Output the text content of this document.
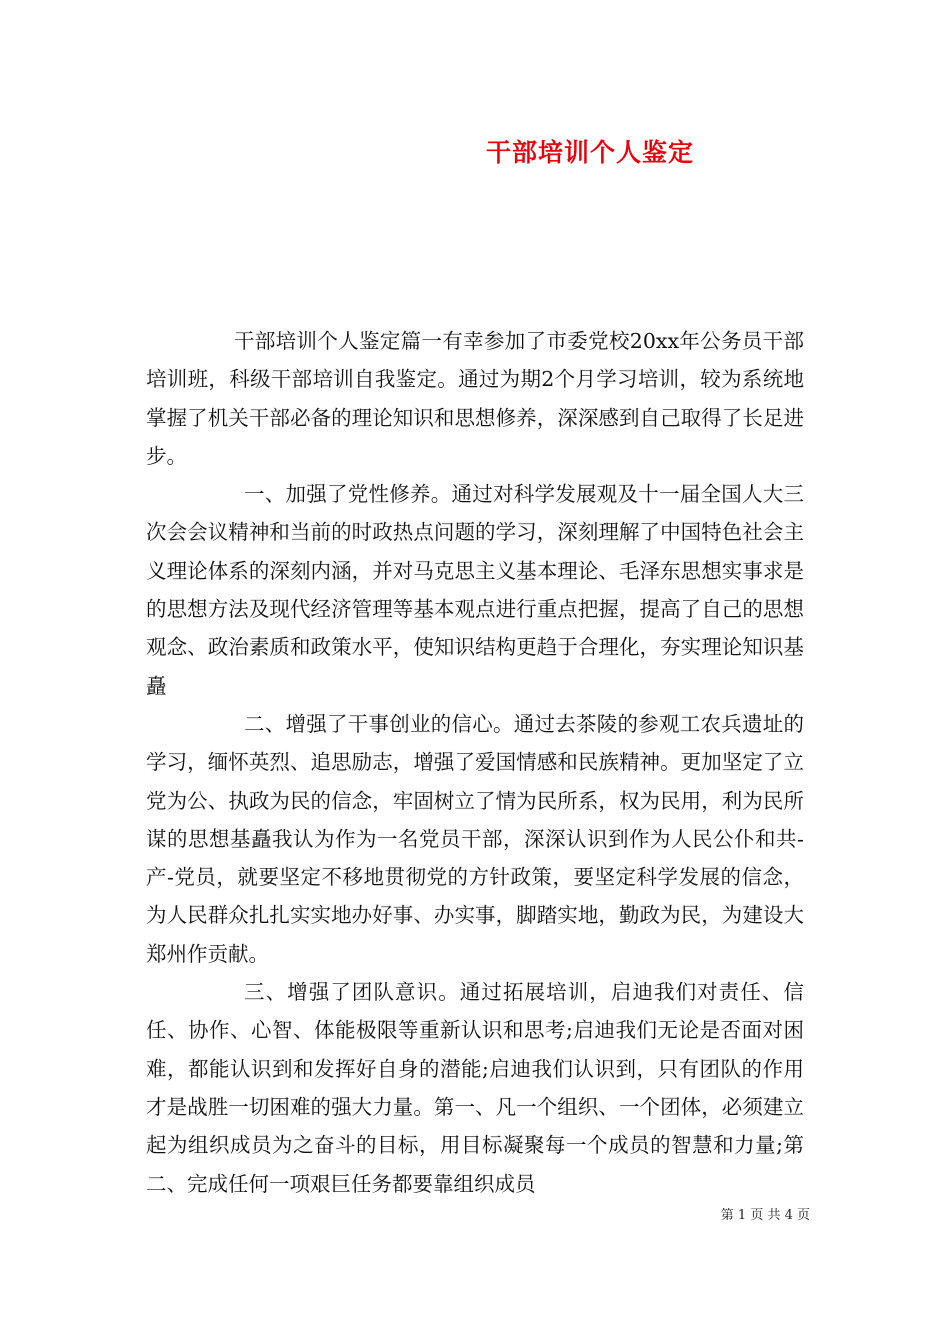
干部培训个人鉴定

干部培训个人鉴定篇一有幸参加了市委党校20xx年公务员干部培训班，科级干部培训自我鉴定。通过为期2个月学习培训，较为系统地掌握了机关干部必备的理论知识和思想修养，深深感到自己取得了长足进步。

一、加强了党性修养。通过对科学发展观及十一届全国人大三次会会议精神和当前的时政热点问题的学习，深刻理解了中国特色社会主义理论体系的深刻内涵，并对马克思主义基本理论、毛泽东思想实事求是的思想方法及现代经济管理等基本观点进行重点把握，提高了自己的思想观念、政治素质和政策水平，使知识结构更趋于合理化，夯实理论知识基矗

二、增强了干事创业的信心。通过去茶陵的参观工农兵遗址的学习，缅怀英烈、追思励志，增强了爱国情感和民族精神。更加坚定了立党为公、执政为民的信念，牢固树立了情为民所系，权为民用，利为民所谋的思想基矗我认为作为一名党员干部，深深认识到作为人民公仆和共-产-党员，就要坚定不移地贯彻党的方针政策，要坚定科学发展的信念，为人民群众扎扎实实地办好事、办实事，脚踏实地，勤政为民，为建设大郑州作贡献。

三、增强了团队意识。通过拓展培训，启迪我们对责任、信任、协作、心智、体能极限等重新认识和思考;启迪我们无论是否面对困难，都能认识到和发挥好自身的潜能;启迪我们认识到，只有团队的作用才是战胜一切困难的强大力量。第一、凡一个组织、一个团体，必须建立起为组织成员为之奋斗的目标，用目标凝聚每一个成员的智慧和力量;第二、完成任何一项艰巨任务都要靠组织成员

第 1 页 共 4 页
